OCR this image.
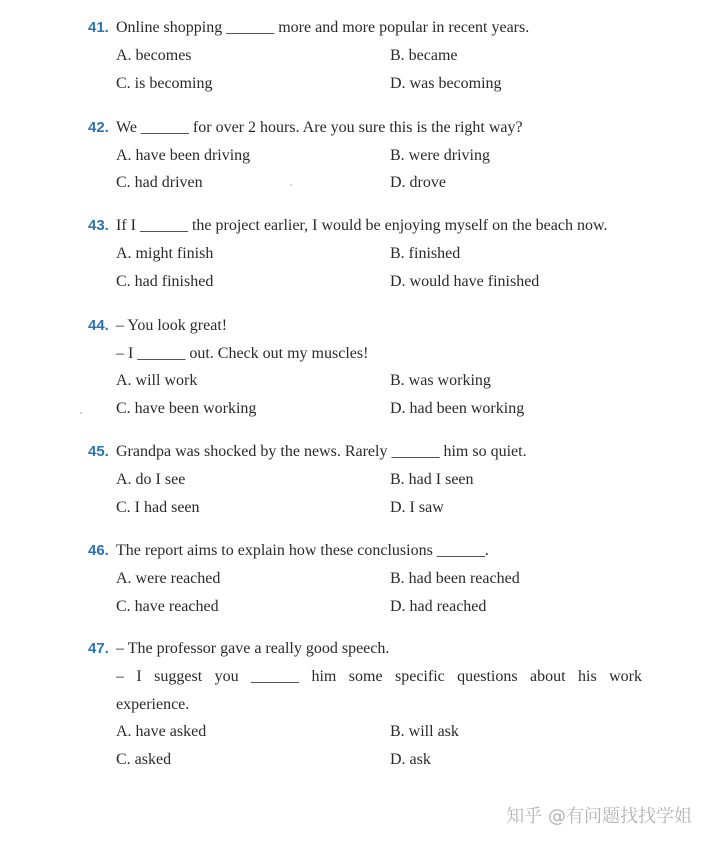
41. Online shopping ______ more and more popular in recent years.
A. becomes	B. became
C. is becoming	D. was becoming
42. We ______ for over 2 hours. Are you sure this is the right way?
A. have been driving	B. were driving
C. had driven	D. drove
43. If I ______ the project earlier, I would be enjoying myself on the beach now.
A. might finish	B. finished
C. had finished	D. would have finished
44. – You look great!
– I ______ out. Check out my muscles!
A. will work	B. was working
C. have been working	D. had been working
45. Grandpa was shocked by the news. Rarely ______ him so quiet.
A. do I see	B. had I seen
C. I had seen	D. I saw
46. The report aims to explain how these conclusions ______.
A. were reached	B. had been reached
C. have reached	D. had reached
47. – The professor gave a really good speech.
– I suggest you ______ him some specific questions about his work
experience.
A. have asked	B. will ask
C. asked	D. ask
知乎 @有问题找找学姐
